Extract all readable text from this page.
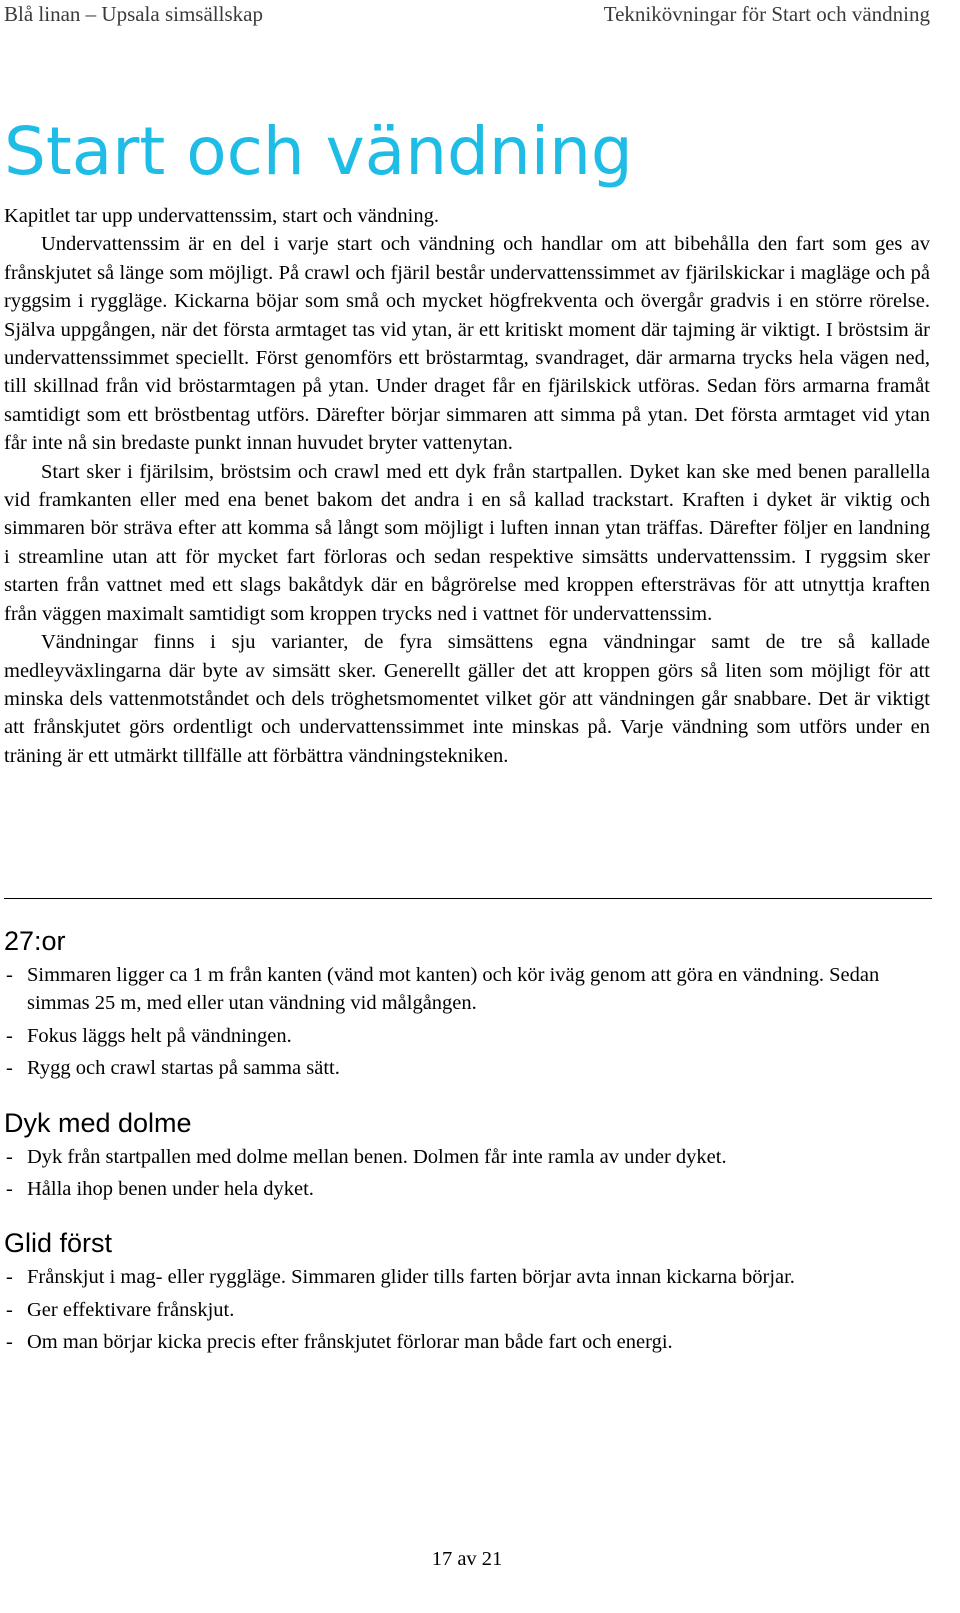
Blå linan – Upsala simsällskap	Teknikövningar för Start och vändning
Start och vändning

Kapitlet tar upp undervattenssim, start och vändning.

Undervattenssim är en del i varje start och vändning och handlar om att bibehålla den fart som ges av frånskjutet så länge som möjligt. På crawl och fjäril består undervattenssimmet av fjärilskickar i magläge och på ryggsim i ryggläge. Kickarna böjar som små och mycket högfrekventa och övergår gradvis i en större rörelse. Själva uppgången, när det första armtaget tas vid ytan, är ett kritiskt moment där tajming är viktigt. I bröstsim är undervattenssimmet speciellt. Först genomförs ett bröstarmtag, svandraget, där armarna trycks hela vägen ned, till skillnad från vid bröstarmtagen på ytan. Under draget får en fjärilskick utföras. Sedan förs armarna framåt samtidigt som ett bröstbentag utförs. Därefter börjar simmaren att simma på ytan. Det första armtaget vid ytan får inte nå sin bredaste punkt innan huvudet bryter vattenytan.

Start sker i fjärilsim, bröstsim och crawl med ett dyk från startpallen. Dyket kan ske med benen parallella vid framkanten eller med ena benet bakom det andra i en så kallad trackstart. Kraften i dyket är viktig och simmaren bör sträva efter att komma så långt som möjligt i luften innan ytan träffas. Därefter följer en landning i streamline utan att för mycket fart förloras och sedan respektive simsätts undervattenssim. I ryggsim sker starten från vattnet med ett slags bakåtdyk där en bågrörelse med kroppen eftersträvas för att utnyttja kraften från väggen maximalt samtidigt som kroppen trycks ned i vattnet för undervattenssim.

Vändningar finns i sju varianter, de fyra simsättens egna vändningar samt de tre så kallade medleyväxlingarna där byte av simsätt sker. Generellt gäller det att kroppen görs så liten som möjligt för att minska dels vattenmotståndet och dels tröghetsmomentet vilket gör att vändningen går snabbare. Det är viktigt att frånskjutet görs ordentligt och undervattenssimmet inte minskas på. Varje vändning som utförs under en träning är ett utmärkt tillfälle att förbättra vändningstekniken.

27:or
- Simmaren ligger ca 1 m från kanten (vänd mot kanten) och kör iväg genom att göra en vändning. Sedan simmas 25 m, med eller utan vändning vid målgången.
- Fokus läggs helt på vändningen.
- Rygg och crawl startas på samma sätt.
Dyk med dolme
- Dyk från startpallen med dolme mellan benen. Dolmen får inte ramla av under dyket.
- Hålla ihop benen under hela dyket.
Glid först
- Frånskjut i mag- eller ryggläge. Simmaren glider tills farten börjar avta innan kickarna börjar.
- Ger effektivare frånskjut.
- Om man börjar kicka precis efter frånskjutet förlorar man både fart och energi.
17 av 21
